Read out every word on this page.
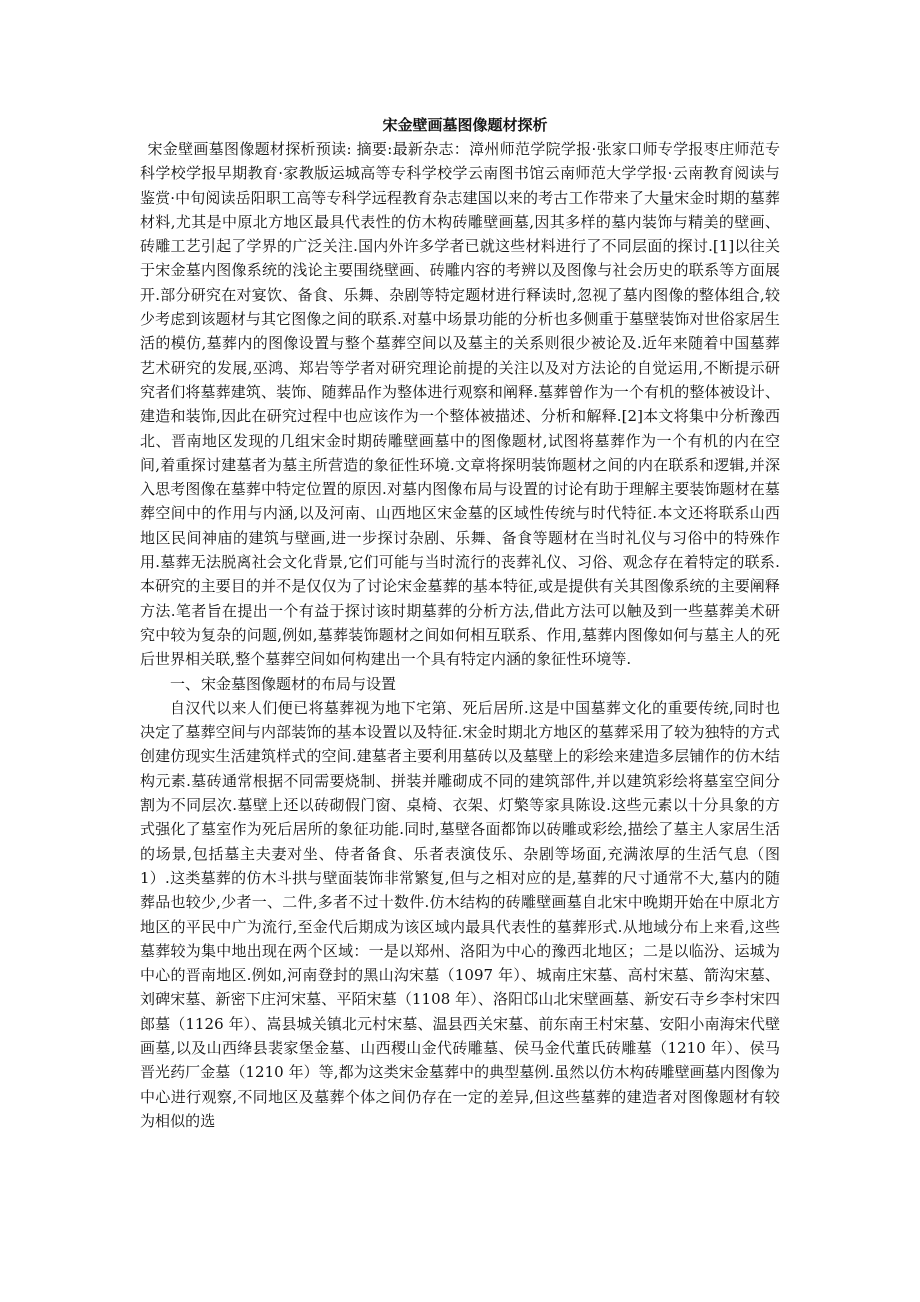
宋金壁画墓图像题材探析

宋金壁画墓图像题材探析预读: 摘要:最新杂志：漳州师范学院学报·张家口师专学报枣庄师范专科学校学报早期教育·家教版运城高等专科学校学云南图书馆云南师范大学学报·云南教育阅读与鉴赏·中旬阅读岳阳职工高等专科学远程教育杂志建国以来的考古工作带来了大量宋金时期的墓葬材料,尤其是中原北方地区最具代表性的仿木构砖雕壁画墓,因其多样的墓内装饰与精美的壁画、砖雕工艺引起了学界的广泛关注.国内外许多学者已就这些材料进行了不同层面的探讨.[1]以往关于宋金墓内图像系统的浅论主要围绕壁画、砖雕内容的考辨以及图像与社会历史的联系等方面展开.部分研究在对宴饮、备食、乐舞、杂剧等特定题材进行释读时,忽视了墓内图像的整体组合,较少考虑到该题材与其它图像之间的联系.对墓中场景功能的分析也多侧重于墓壁装饰对世俗家居生活的模仿,墓葬内的图像设置与整个墓葬空间以及墓主的关系则很少被论及.近年来随着中国墓葬艺术研究的发展,巫鸿、郑岩等学者对研究理论前提的关注以及对方法论的自觉运用,不断提示研究者们将墓葬建筑、装饰、随葬品作为整体进行观察和阐释.墓葬曾作为一个有机的整体被设计、建造和装饰,因此在研究过程中也应该作为一个整体被描述、分析和解释.[2]本文将集中分析豫西北、晋南地区发现的几组宋金时期砖雕壁画墓中的图像题材,试图将墓葬作为一个有机的内在空间,着重探讨建墓者为墓主所营造的象征性环境.文章将探明装饰题材之间的内在联系和逻辑,并深入思考图像在墓葬中特定位置的原因.对墓内图像布局与设置的讨论有助于理解主要装饰题材在墓葬空间中的作用与内涵,以及河南、山西地区宋金墓的区域性传统与时代特征.本文还将联系山西地区民间神庙的建筑与壁画,进一步探讨杂剧、乐舞、备食等题材在当时礼仪与习俗中的特殊作用.墓葬无法脱离社会文化背景,它们可能与当时流行的丧葬礼仪、习俗、观念存在着特定的联系.本研究的主要目的并不是仅仅为了讨论宋金墓葬的基本特征,或是提供有关其图像系统的主要阐释方法.笔者旨在提出一个有益于探讨该时期墓葬的分析方法,借此方法可以触及到一些墓葬美术研究中较为复杂的问题,例如,墓葬装饰题材之间如何相互联系、作用,墓葬内图像如何与墓主人的死后世界相关联,整个墓葬空间如何构建出一个具有特定内涵的象征性环境等.

一、宋金墓图像题材的布局与设置

自汉代以来人们便已将墓葬视为地下宅第、死后居所.这是中国墓葬文化的重要传统,同时也决定了墓葬空间与内部装饰的基本设置以及特征.宋金时期北方地区的墓葬采用了较为独特的方式创建仿现实生活建筑样式的空间.建墓者主要利用墓砖以及墓壁上的彩绘来建造多层铺作的仿木结构元素.墓砖通常根据不同需要烧制、拼装并雕砌成不同的建筑部件,并以建筑彩绘将墓室空间分割为不同层次.墓壁上还以砖砌假门窗、桌椅、衣架、灯檠等家具陈设.这些元素以十分具象的方式强化了墓室作为死后居所的象征功能.同时,墓壁各面都饰以砖雕或彩绘,描绘了墓主人家居生活的场景,包括墓主夫妻对坐、侍者备食、乐者表演伎乐、杂剧等场面,充满浓厚的生活气息（图 1）.这类墓葬的仿木斗拱与壁面装饰非常繁复,但与之相对应的是,墓葬的尺寸通常不大,墓内的随葬品也较少,少者一、二件,多者不过十数件.仿木结构的砖雕壁画墓自北宋中晚期开始在中原北方地区的平民中广为流行,至金代后期成为该区域内最具代表性的墓葬形式.从地域分布上来看,这些墓葬较为集中地出现在两个区域：一是以郑州、洛阳为中心的豫西北地区；二是以临汾、运城为中心的晋南地区.例如,河南登封的黑山沟宋墓（1097 年）、城南庄宋墓、高村宋墓、箭沟宋墓、刘碑宋墓、新密下庄河宋墓、平陌宋墓（1108 年）、洛阳邙山北宋壁画墓、新安石寺乡李村宋四郎墓（1126 年）、嵩县城关镇北元村宋墓、温县西关宋墓、前东南王村宋墓、安阳小南海宋代壁画墓,以及山西绛县裴家堡金墓、山西稷山金代砖雕墓、侯马金代董氏砖雕墓（1210 年）、侯马晋光药厂金墓（1210 年）等,都为这类宋金墓葬中的典型墓例.虽然以仿木构砖雕壁画墓内图像为中心进行观察,不同地区及墓葬个体之间仍存在一定的差异,但这些墓葬的建造者对图像题材有较为相似的选
